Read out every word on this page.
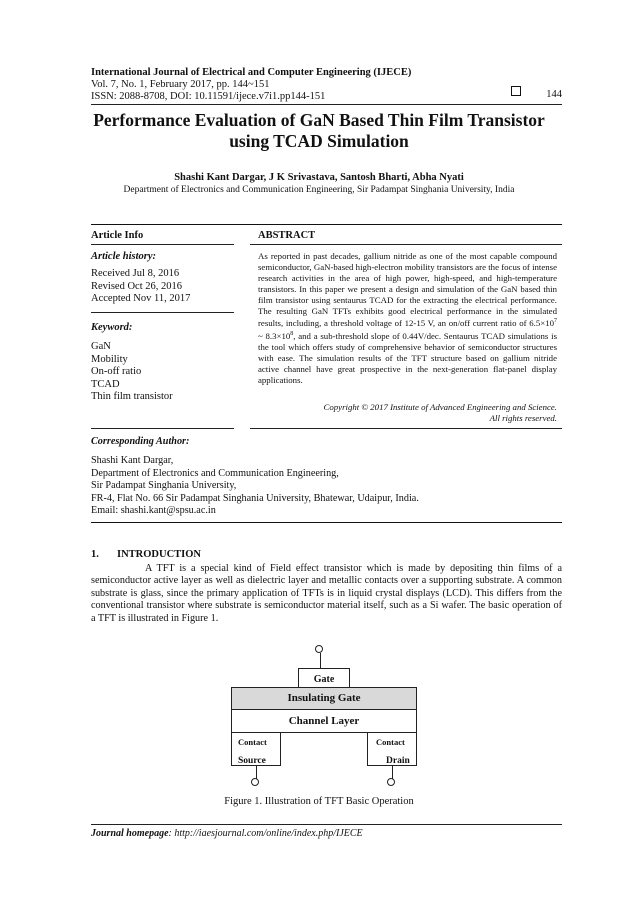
International Journal of Electrical and Computer Engineering (IJECE)
Vol. 7, No. 1, February 2017, pp. 144~151
ISSN: 2088-8708, DOI: 10.11591/ijece.v7i1.pp144-151	144
Performance Evaluation of GaN Based Thin Film Transistor
using TCAD Simulation
Shashi Kant Dargar, J K Srivastava, Santosh Bharti, Abha Nyati
Department of Electronics and Communication Engineering, Sir Padampat Singhania University, India
Article Info	ABSTRACT
Article history:
Received Jul 8, 2016
Revised Oct 26, 2016
Accepted Nov 11, 2017
Keyword:
GaN
Mobility
On-off ratio
TCAD
Thin film transistor
As reported in past decades, gallium nitride as one of the most capable compound semiconductor, GaN-based high-electron mobility transistors are the focus of intense research activities in the area of high power, high-speed, and high-temperature transistors. In this paper we present a design and simulation of the GaN based thin film transistor using sentaurus TCAD for the extracting the electrical performance. The resulting GaN TFTs exhibits good electrical performance in the simulated results, including, a threshold voltage of 12-15 V, an on/off current ratio of $6.5\times 10^7$ ~ $8.3\times 10^8$, and a sub-threshold slope of 0.44V/dec. Sentaurus TCAD simulations is the tool which offers study of comprehensive behavior of semiconductor structures with ease. The simulation results of the TFT structure based on gallium nitride active channel have great prospective in the next-generation flat-panel display applications.
Copyright © 2017 Institute of Advanced Engineering and Science.
All rights reserved.
Corresponding Author:
Shashi Kant Dargar,
Department of Electronics and Communication Engineering,
Sir Padampat Singhania University,
FR-4, Flat No. 66 Sir Padampat Singhania University, Bhatewar, Udaipur, India.
Email: shashi.kant@spsu.ac.in
1. INTRODUCTION
A TFT is a special kind of Field effect transistor which is made by depositing thin films of a semiconductor active layer as well as dielectric layer and metallic contacts over a supporting substrate. A common substrate is glass, since the primary application of TFTs is in liquid crystal displays (LCD). This differs from the conventional transistor where substrate is semiconductor material itself, such as a Si wafer. The basic operation of a TFT is illustrated in Figure 1.
Gate
Insulating Gate
Channel Layer
Contact
Source
Contact
Drain
Figure 1. Illustration of TFT Basic Operation
Journal homepage: http://iaesjournal.com/online/index.php/IJECE
